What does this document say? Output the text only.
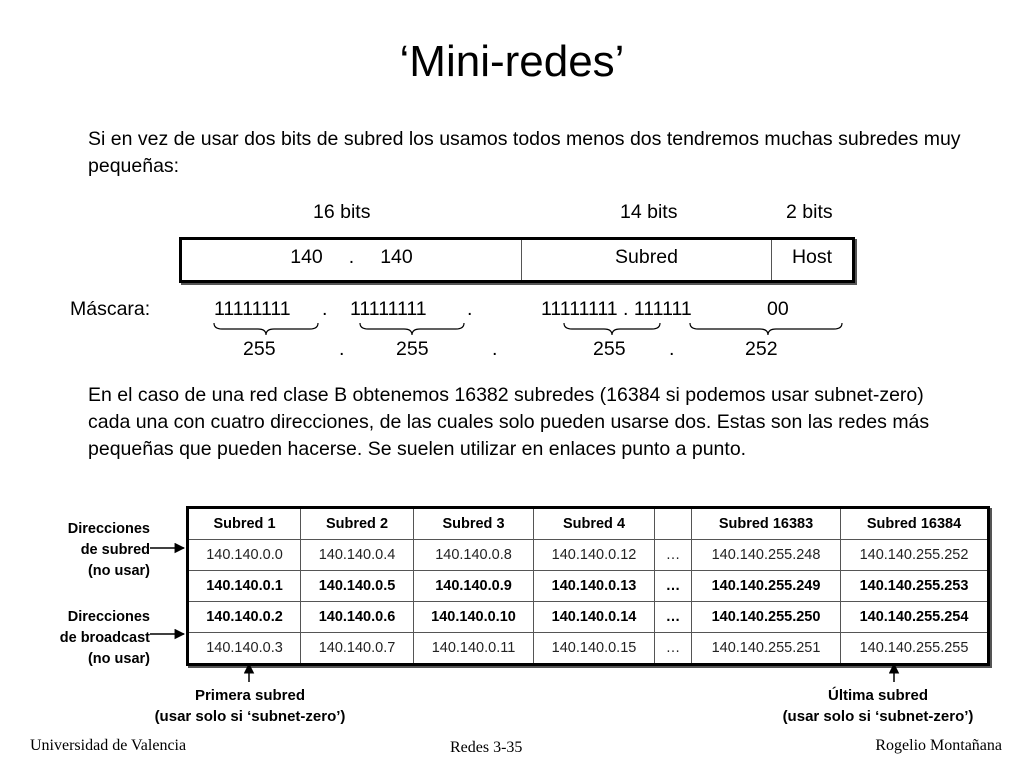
‘Mini-redes’
Si en vez de usar dos bits de subred los usamos todos menos dos tendremos muchas subredes muy pequeñas:
16 bits	14 bits	2 bits
140 . 140	Subred	Host
Máscara:	11111111 . 11111111 .	11111111 . 111111	00
255	.	255	.	255 .	252
En el caso de una red clase B obtenemos 16382 subredes (16384 si podemos usar subnet-zero) cada una con cuatro direcciones, de las cuales solo pueden usarse dos. Estas son las redes más pequeñas que pueden hacerse. Se suelen utilizar en enlaces punto a punto.
Subred 1	Subred 2	Subred 3	Subred 4		Subred 16383	Subred 16384
140.140.0.0	140.140.0.4	140.140.0.8	140.140.0.12	…	140.140.255.248	140.140.255.252
140.140.0.1	140.140.0.5	140.140.0.9	140.140.0.13	…	140.140.255.249	140.140.255.253
140.140.0.2	140.140.0.6	140.140.0.10	140.140.0.14	…	140.140.255.250	140.140.255.254
140.140.0.3	140.140.0.7	140.140.0.11	140.140.0.15	…	140.140.255.251	140.140.255.255
Direcciones
de subred
(no usar)
Direcciones
de broadcast
(no usar)
Primera subred
(usar solo si ‘subnet-zero’)
Última subred
(usar solo si ‘subnet-zero’)
Universidad de Valencia	Redes 3-35	Rogelio Montañana
